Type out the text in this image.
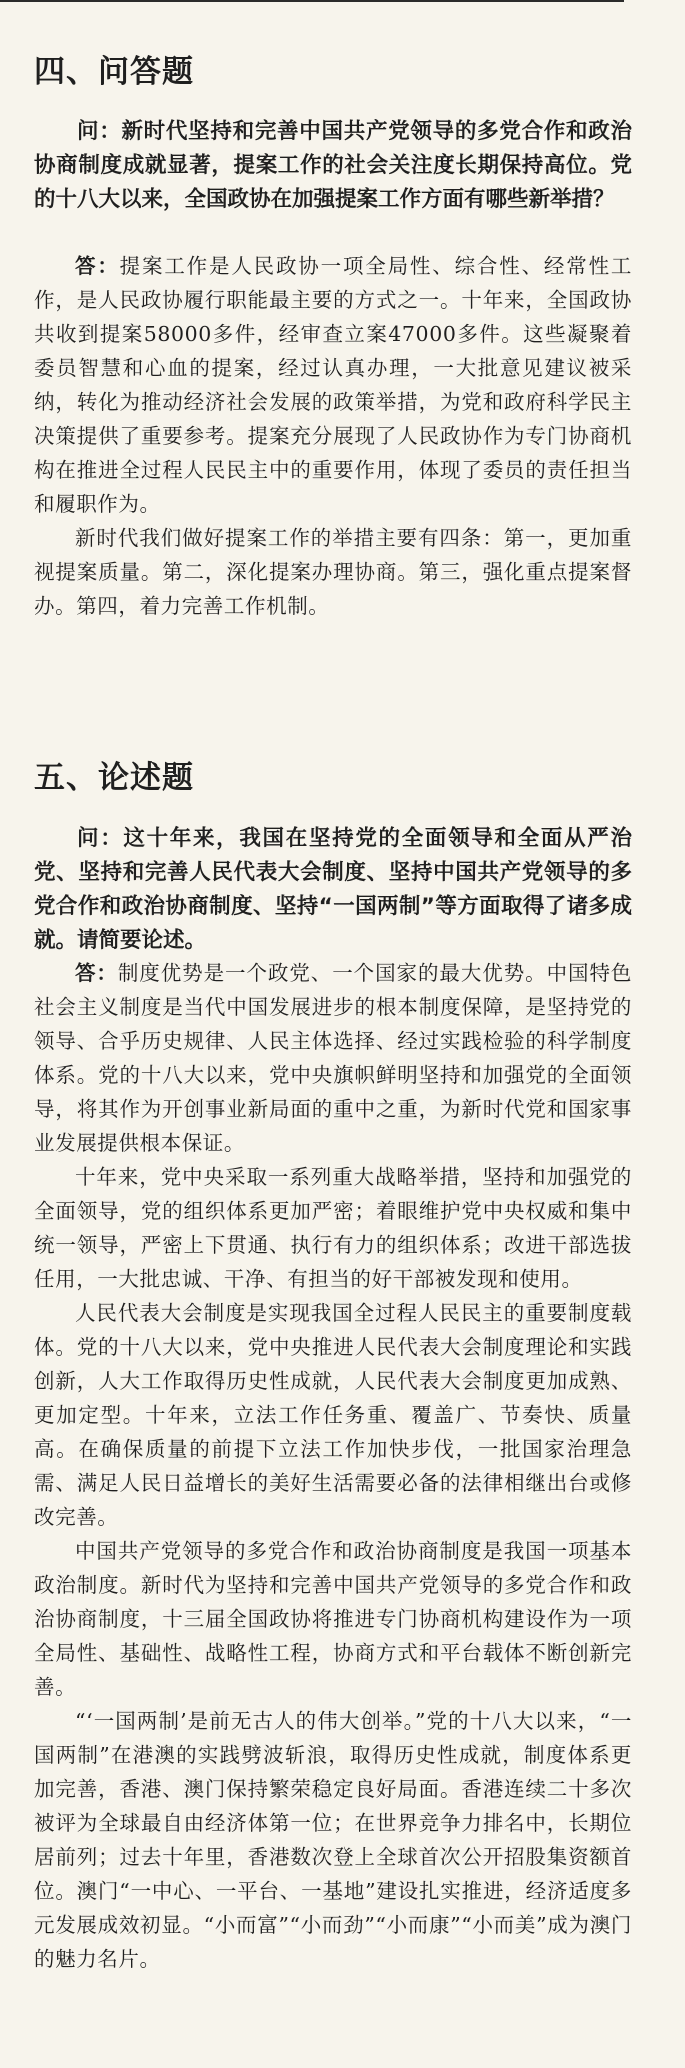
四、问答题

问：新时代坚持和完善中国共产党领导的多党合作和政治协商制度成就显著，提案工作的社会关注度长期保持高位。党的十八大以来，全国政协在加强提案工作方面有哪些新举措？

答：提案工作是人民政协一项全局性、综合性、经常性工作，是人民政协履行职能最主要的方式之一。十年来，全国政协共收到提案58000多件，经审查立案47000多件。这些凝聚着委员智慧和心血的提案，经过认真办理，一大批意见建议被采纳，转化为推动经济社会发展的政策举措，为党和政府科学民主决策提供了重要参考。提案充分展现了人民政协作为专门协商机构在推进全过程人民民主中的重要作用，体现了委员的责任担当和履职作为。

新时代我们做好提案工作的举措主要有四条：第一，更加重视提案质量。第二，深化提案办理协商。第三，强化重点提案督办。第四，着力完善工作机制。

五、论述题

问：这十年来，我国在坚持党的全面领导和全面从严治党、坚持和完善人民代表大会制度、坚持中国共产党领导的多党合作和政治协商制度、坚持“一国两制”等方面取得了诸多成就。请简要论述。

答：制度优势是一个政党、一个国家的最大优势。中国特色社会主义制度是当代中国发展进步的根本制度保障，是坚持党的领导、合乎历史规律、人民主体选择、经过实践检验的科学制度体系。党的十八大以来，党中央旗帜鲜明坚持和加强党的全面领导，将其作为开创事业新局面的重中之重，为新时代党和国家事业发展提供根本保证。

十年来，党中央采取一系列重大战略举措，坚持和加强党的全面领导，党的组织体系更加严密；着眼维护党中央权威和集中统一领导，严密上下贯通、执行有力的组织体系；改进干部选拔任用，一大批忠诚、干净、有担当的好干部被发现和使用。

人民代表大会制度是实现我国全过程人民民主的重要制度载体。党的十八大以来，党中央推进人民代表大会制度理论和实践创新，人大工作取得历史性成就，人民代表大会制度更加成熟、更加定型。十年来，立法工作任务重、覆盖广、节奏快、质量高。在确保质量的前提下立法工作加快步伐，一批国家治理急需、满足人民日益增长的美好生活需要必备的法律相继出台或修改完善。

中国共产党领导的多党合作和政治协商制度是我国一项基本政治制度。新时代为坚持和完善中国共产党领导的多党合作和政治协商制度，十三届全国政协将推进专门协商机构建设作为一项全局性、基础性、战略性工程，协商方式和平台载体不断创新完善。

“‘一国两制’是前无古人的伟大创举。”党的十八大以来，“一国两制”在港澳的实践劈波斩浪，取得历史性成就，制度体系更加完善，香港、澳门保持繁荣稳定良好局面。香港连续二十多次被评为全球最自由经济体第一位；在世界竞争力排名中，长期位居前列；过去十年里，香港数次登上全球首次公开招股集资额首位。澳门“一中心、一平台、一基地”建设扎实推进，经济适度多元发展成效初显。“小而富”“小而劲”“小而康”“小而美”成为澳门的魅力名片。
